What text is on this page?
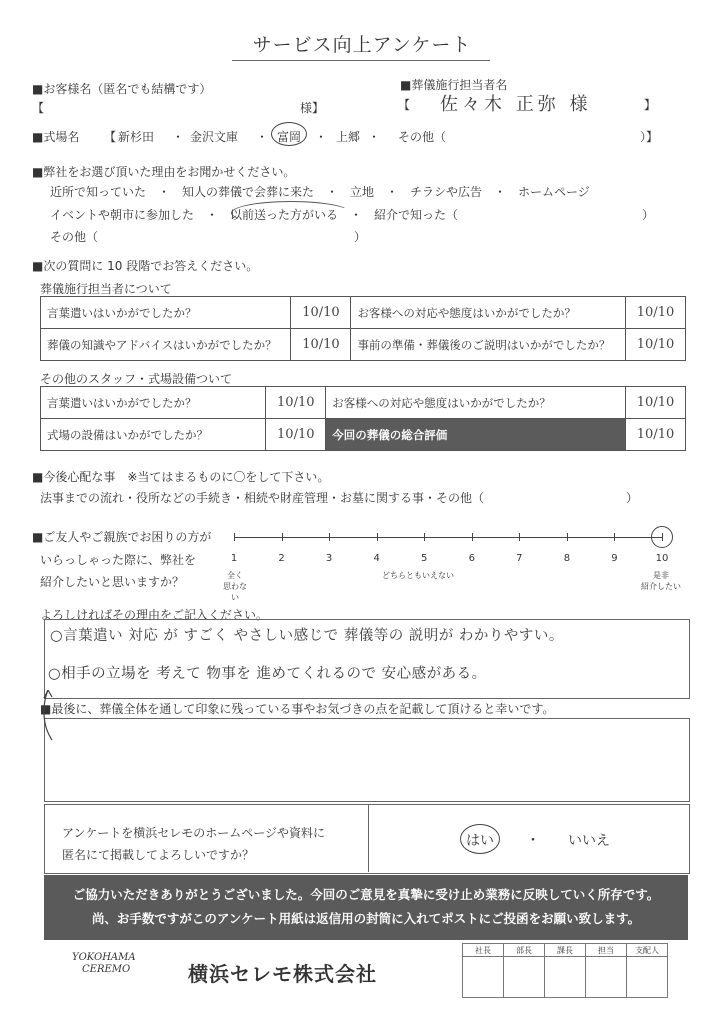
サービス向上アンケート
■お客様名（匿名でも結構です）
【	様】
■葬儀施行担当者名
【 佐々木 正弥 様	】
■式場名 【 新杉田 ・ 金沢文庫 ・ 富岡 ・ 上郷 ・ その他（	）】
■弊社をお選び頂いた理由をお聞かせください。
近所で知っていた　・　知人の葬儀で会葬に来た　・　立地　・　チラシや広告　・　ホームページ
イベントや朝市に参加した　・　以前送った方がいる　・　紹介で知った（	）
その他（	）
■次の質問に 10 段階でお答えください。
葬儀施行担当者について
言葉遣いはいかがでしたか？	10/10	お客様への対応や態度はいかがでしたか？	10/10
葬儀の知識やアドバイスはいかがでしたか？	10/10	事前の準備・葬儀後のご説明はいかがでしたか？	10/10
その他のスタッフ・式場設備ついて
言葉遣いはいかがでしたか？	10/10	お客様への対応や態度はいかがでしたか？	10/10
式場の設備はいかがでしたか？	10/10	今回の葬儀の総合評価	10/10
■今後心配な事　※当てはまるものに〇をして下さい。
法事までの流れ・役所などの手続き・相続や財産管理・お墓に関する事・その他（	）
■ご友人やご親族でお困りの方が
いらっしゃった際に、弊社を
紹介したいと思いますか？
1	2	3	4	5	6	7	8	9	10
全く
思わない
どちらともいえない	是非
紹介したい
よろしければその理由をご記入ください。
○言葉遣い 対応 が すごく やさしい感じで 葬儀等の 説明が わかりやすい。
○相手の立場を 考えて 物事を 進めてくれるので 安心感がある。
■最後に、葬儀全体を通して印象に残っている事やお気づきの点を記載して頂けると幸いです。
アンケートを横浜セレモのホームページや資料に
匿名にて掲載してよろしいですか？
はい ・ いいえ
ご協力いただきありがとうございました。今回のご意見を真摯に受け止め業務に反映していく所存です。
尚、お手数ですがこのアンケート用紙は返信用の封筒に入れてポストにご投函をお願い致します。
YOKOHAMA
CEREMO	横浜セレモ株式会社
社長	部長	課長	担当	支配人
